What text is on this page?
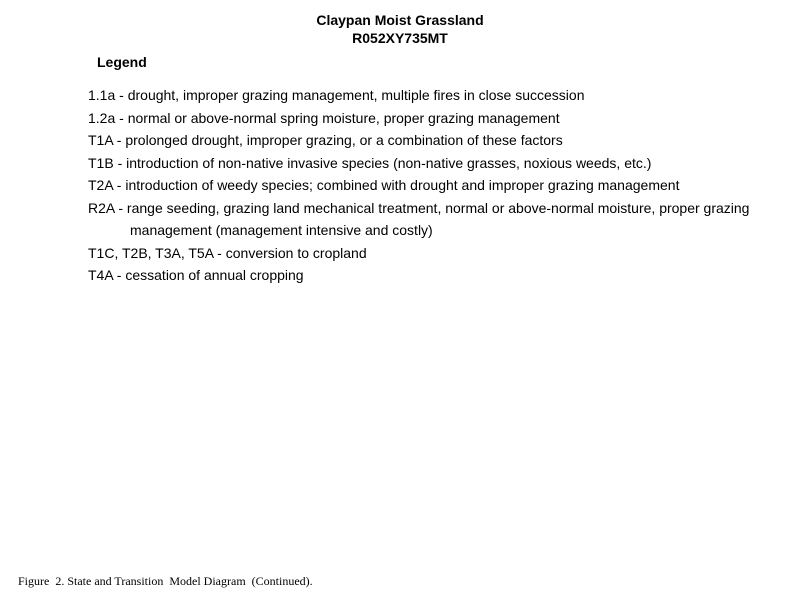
Claypan Moist Grassland
R052XY735MT
Legend
1.1a - drought, improper grazing management, multiple fires in close succession
1.2a - normal or above-normal spring moisture, proper grazing management
T1A - prolonged drought, improper grazing, or a combination of these factors
T1B - introduction of non-native invasive species (non-native grasses, noxious weeds, etc.)
T2A - introduction of weedy species; combined with drought and improper grazing management
R2A - range seeding, grazing land mechanical treatment, normal or above-normal moisture, proper grazing management (management intensive and costly)
T1C, T2B, T3A, T5A - conversion to cropland
T4A - cessation of annual cropping

Figure  2. State and Transition  Model Diagram  (Continued).
